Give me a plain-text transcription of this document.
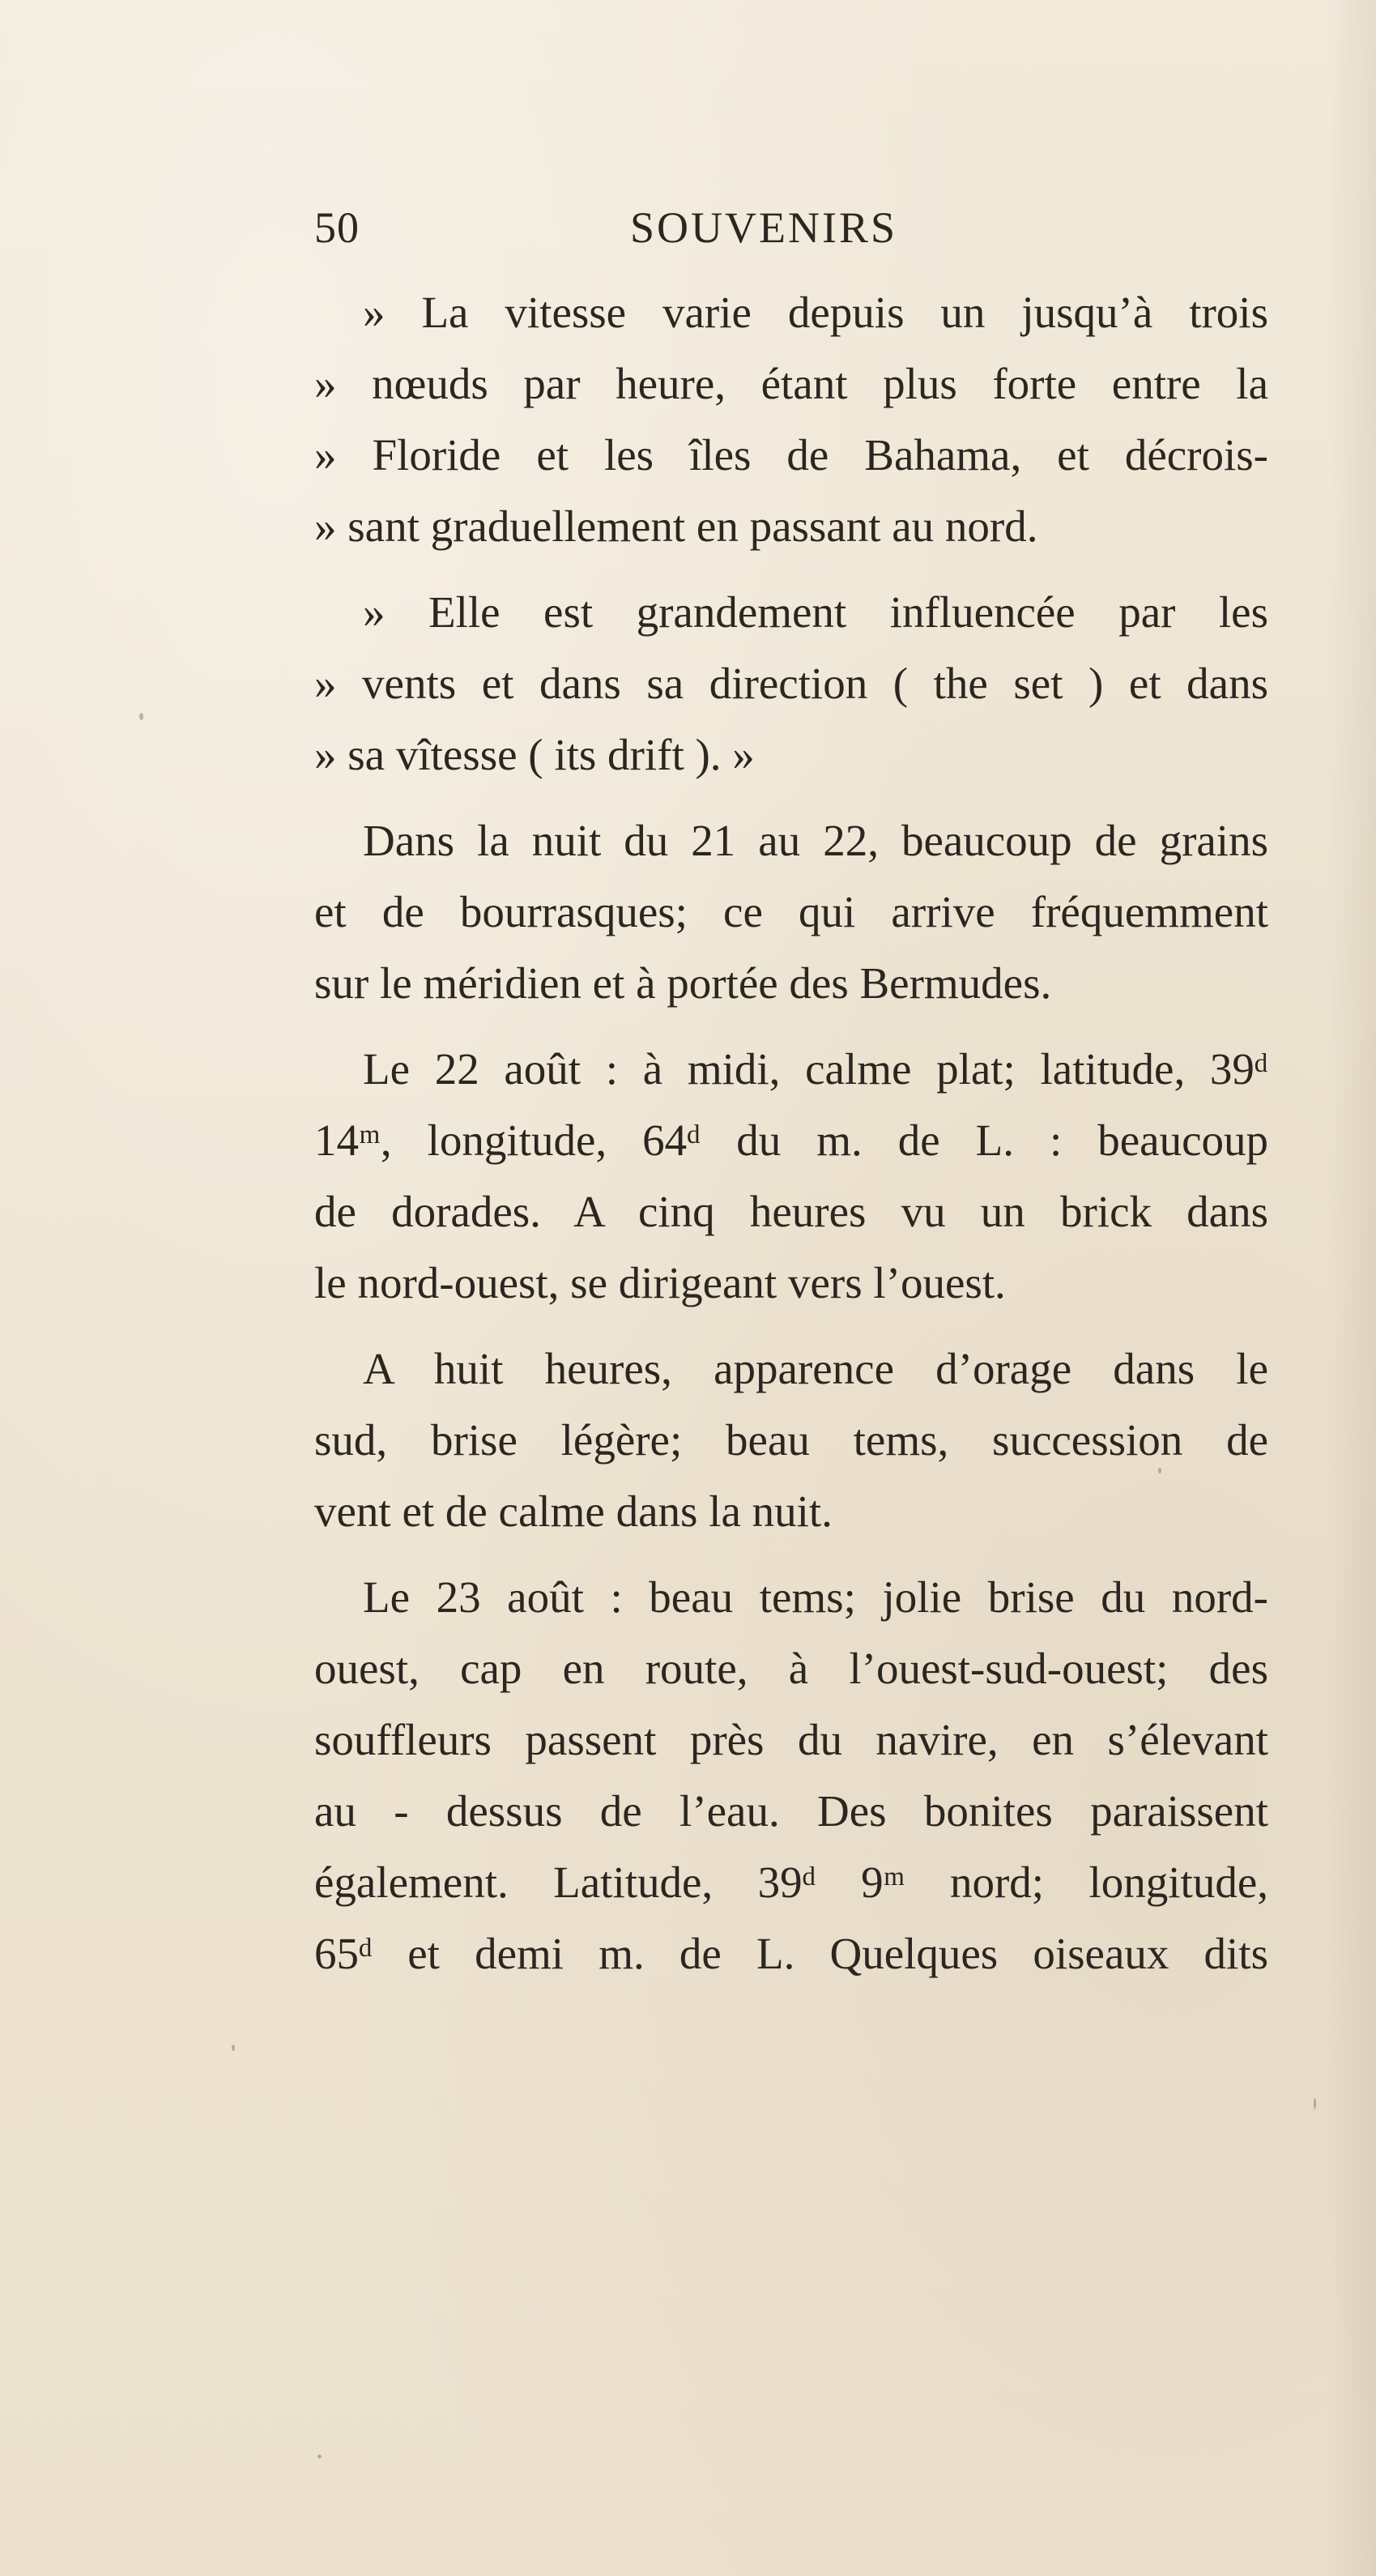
50	SOUVENIRS
» La vitesse varie depuis un jusqu’à trois
» nœuds par heure, étant plus forte entre la
» Floride et les îles de Bahama, et décrois-
» sant graduellement en passant au nord.
» Elle est grandement influencée par les
» vents et dans sa direction ( the set ) et dans
» sa vîtesse ( its drift ). »
Dans la nuit du 21 au 22, beaucoup de grains
et de bourrasques; ce qui arrive fréquemment
sur le méridien et à portée des Bermudes.
Le 22 août : à midi, calme plat; latitude, 39ᵈ
14ᵐ, longitude, 64ᵈ du m. de L. : beaucoup
de dorades. A cinq heures vu un brick dans
le nord-ouest, se dirigeant vers l’ouest.
A huit heures, apparence d’orage dans le
sud, brise légère; beau tems, succession de
vent et de calme dans la nuit.
Le 23 août : beau tems; jolie brise du nord-
ouest, cap en route, à l’ouest-sud-ouest; des
souffleurs passent près du navire, en s’élevant
au - dessus de l’eau. Des bonites paraissent
également. Latitude, 39ᵈ 9ᵐ nord; longitude,
65ᵈ et demi m. de L. Quelques oiseaux dits
